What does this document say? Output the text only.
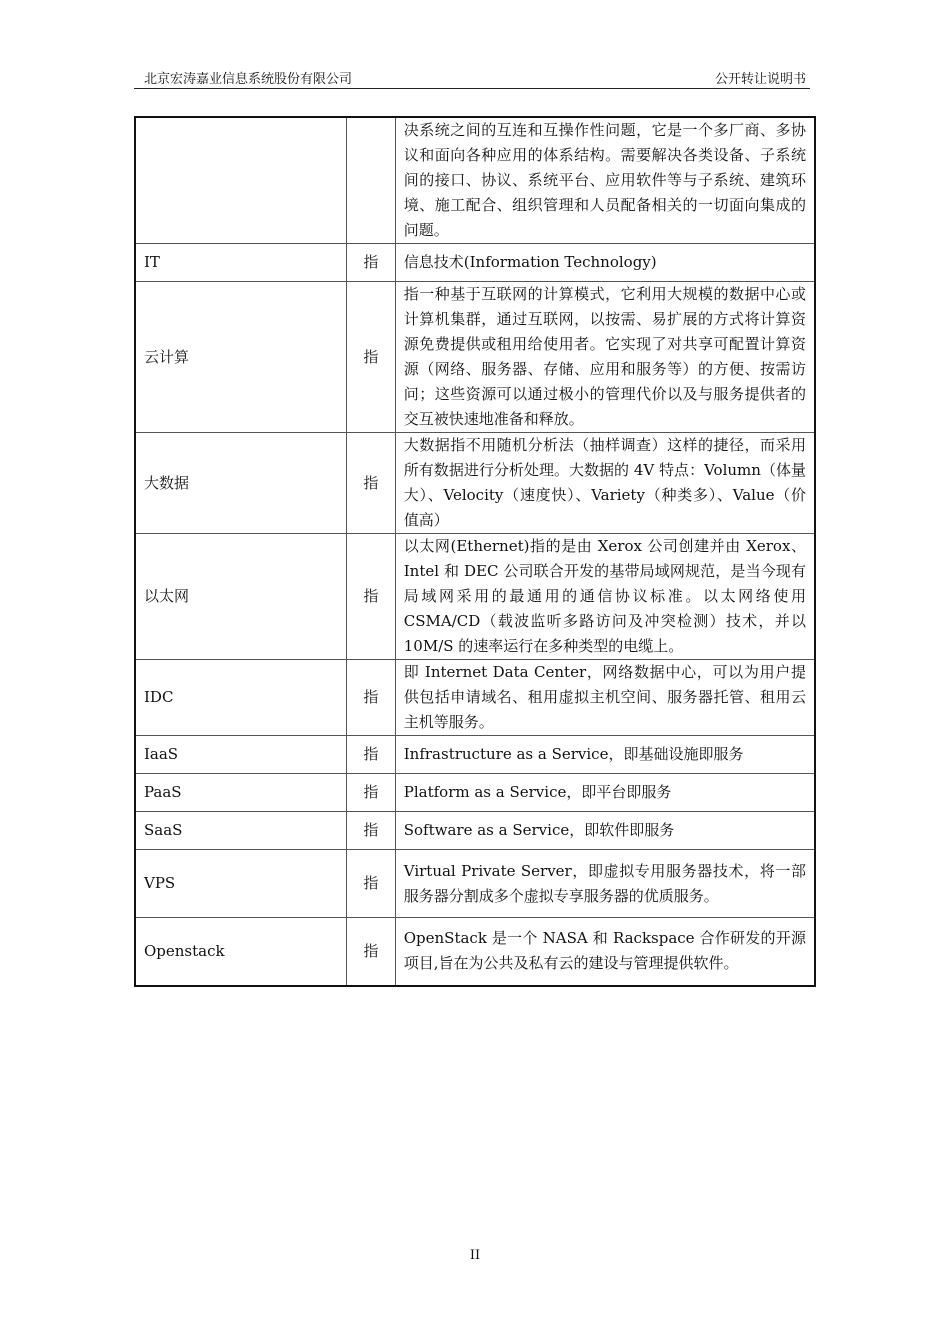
北京宏涛嘉业信息系统股份有限公司	公开转让说明书
		决系统之间的互连和互操作性问题，它是一个多厂商、多协议和面向各种应用的体系结构。需要解决各类设备、子系统间的接口、协议、系统平台、应用软件等与子系统、建筑环境、施工配合、组织管理和人员配备相关的一切面向集成的问题。
IT	指	信息技术(Information Technology)
云计算	指	指一种基于互联网的计算模式，它利用大规模的数据中心或计算机集群，通过互联网，以按需、易扩展的方式将计算资源免费提供或租用给使用者。它实现了对共享可配置计算资源（网络、服务器、存储、应用和服务等）的方便、按需访问；这些资源可以通过极小的管理代价以及与服务提供者的交互被快速地准备和释放。
大数据	指	大数据指不用随机分析法（抽样调查）这样的捷径，而采用所有数据进行分析处理。大数据的 4V 特点：Volumn（体量大）、Velocity（速度快）、Variety（种类多）、Value（价值高）
以太网	指	以太网(Ethernet)指的是由 Xerox 公司创建并由 Xerox、Intel 和 DEC 公司联合开发的基带局域网规范，是当今现有局域网采用的最通用的通信协议标准。以太网络使用 CSMA/CD（载波监听多路访问及冲突检测）技术，并以 10M/S 的速率运行在多种类型的电缆上。
IDC	指	即 Internet Data Center，网络数据中心，可以为用户提供包括申请域名、租用虚拟主机空间、服务器托管、租用云主机等服务。
IaaS	指	Infrastructure as a Service，即基础设施即服务
PaaS	指	Platform as a Service，即平台即服务
SaaS	指	Software as a Service，即软件即服务
VPS	指	Virtual Private Server，即虚拟专用服务器技术，将一部服务器分割成多个虚拟专享服务器的优质服务。
Openstack	指	OpenStack 是一个 NASA 和 Rackspace 合作研发的开源项目,旨在为公共及私有云的建设与管理提供软件。
II
